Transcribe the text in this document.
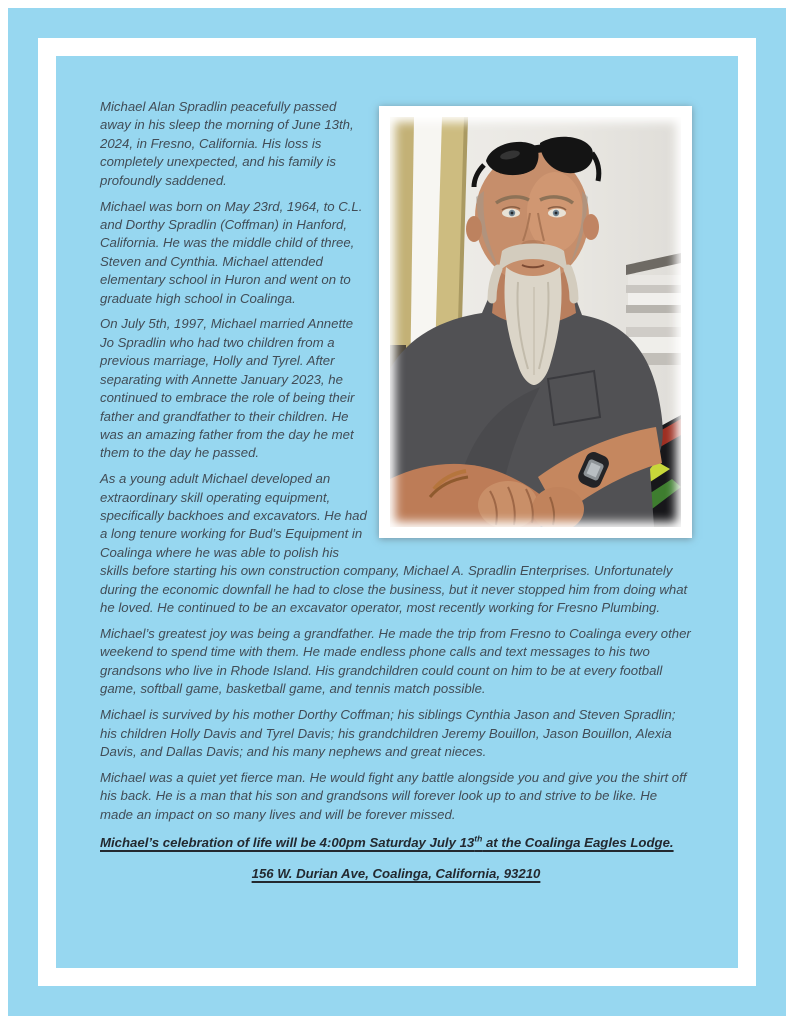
Michael Alan Spradlin peacefully passed away in his sleep the morning of June 13th, 2024, in Fresno, California. His loss is completely unexpected, and his family is profoundly saddened.

Michael was born on May 23rd, 1964, to C.L. and Dorthy Spradlin (Coffman) in Hanford, California. He was the middle child of three, Steven and Cynthia. Michael attended elementary school in Huron and went on to graduate high school in Coalinga.

On July 5th, 1997, Michael married Annette Jo Spradlin who had two children from a previous marriage, Holly and Tyrel. After separating with Annette January 2023, he continued to embrace the role of being their father and grandfather to their children. He was an amazing father from the day he met them to the day he passed.

As a young adult Michael developed an extraordinary skill operating equipment, specifically backhoes and excavators. He had a long tenure working for Bud’s Equipment in Coalinga where he was able to polish his skills before starting his own construction company, Michael A. Spradlin Enterprises. Unfortunately during the economic downfall he had to close the business, but it never stopped him from doing what he loved. He continued to be an excavator operator, most recently working for Fresno Plumbing.

Michael’s greatest joy was being a grandfather. He made the trip from Fresno to Coalinga every other weekend to spend time with them. He made endless phone calls and text messages to his two grandsons who live in Rhode Island. His grandchildren could count on him to be at every football game, softball game, basketball game, and tennis match possible.

Michael is survived by his mother Dorthy Coffman; his siblings Cynthia Jason and Steven Spradlin; his children Holly Davis and Tyrel Davis; his grandchildren Jeremy Bouillon, Jason Bouillon, Alexia Davis, and Dallas Davis; and his many nephews and great nieces.

Michael was a quiet yet fierce man. He would fight any battle alongside you and give you the shirt off his back. He is a man that his son and grandsons will forever look up to and strive to be like. He made an impact on so many lives and will be forever missed.

Michael’s celebration of life will be 4:00pm Saturday July 13th at the Coalinga Eagles Lodge.

156 W. Durian Ave, Coalinga, California, 93210
